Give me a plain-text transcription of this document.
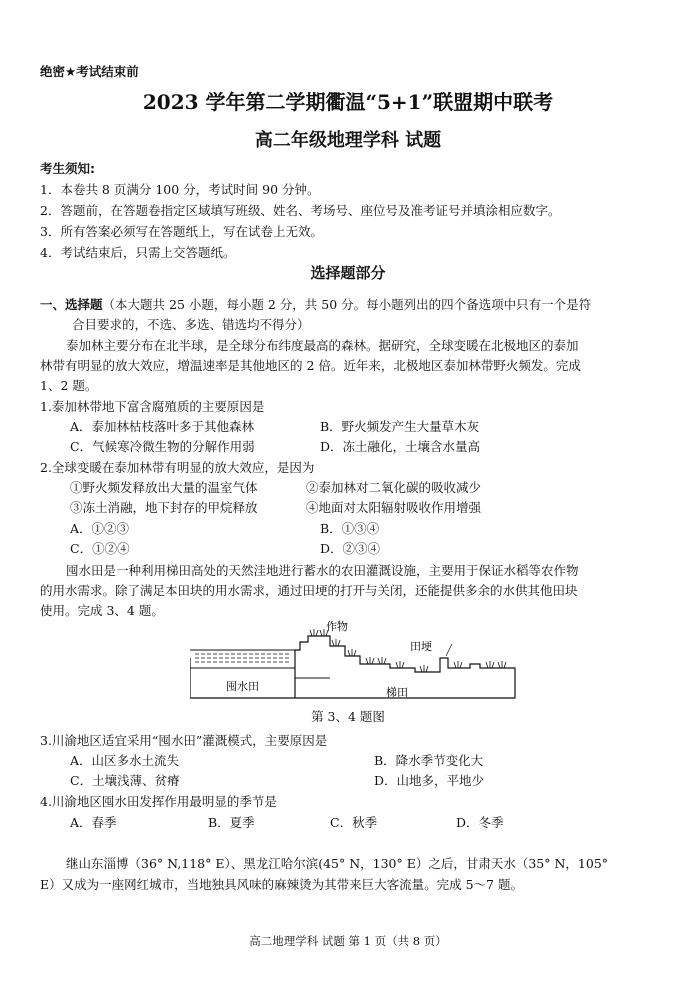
绝密★考试结束前
2023 学年第二学期衢温“5+1”联盟期中联考
高二年级地理学科 试题
考生须知:
1．本卷共 8 页满分 100 分，考试时间 90 分钟。
2．答题前，在答题卷指定区域填写班级、姓名、考场号、座位号及准考证号并填涂相应数字。
3．所有答案必须写在答题纸上，写在试卷上无效。
4．考试结束后，只需上交答题纸。
选择题部分
一、选择题（本大题共 25 小题，每小题 2 分，共 50 分。每小题列出的四个备选项中只有一个是符
合目要求的，不选、多选、错选均不得分）
泰加林主要分布在北半球，是全球分布纬度最高的森林。据研究，全球变暖在北极地区的泰加
林带有明显的放大效应，增温速率是其他地区的 2 倍。近年来，北极地区泰加林带野火频发。完成
1、2 题。
1.泰加林带地下富含腐殖质的主要原因是
A．泰加林枯枝落叶多于其他森林	B．野火频发产生大量草木灰
C．气候寒冷微生物的分解作用弱	D．冻土融化，土壤含水量高
2.全球变暖在泰加林带有明显的放大效应，是因为
①野火频发释放出大量的温室气体	②泰加林对二氧化碳的吸收减少
③冻土消融，地下封存的甲烷释放	④地面对太阳辐射吸收作用增强
A．①②③	B．①③④
C．①②④	D．②③④
囤水田是一种利用梯田高处的天然洼地进行蓄水的农田灌溉设施，主要用于保证水稻等农作物
的用水需求。除了满足本田块的用水需求，通过田埂的打开与关闭，还能提供多余的水供其他田块
使用。完成 3、4 题。
作物
田埂
囤水田	梯田
第 3、4 题图
3.川渝地区适宜采用“囤水田”灌溉模式，主要原因是
A．山区多水土流失	B．降水季节变化大
C．土壤浅薄、贫瘠	D．山地多，平地少
4.川渝地区囤水田发挥作用最明显的季节是
A．春季	B．夏季	C．秋季	D．冬季
继山东淄博（36° N,118° E）、黑龙江哈尔滨(45° N，130° E）之后，甘肃天水（35° N，105°
E）又成为一座网红城市，当地独具风味的麻辣烫为其带来巨大客流量。完成 5～7 题。
高二地理学科 试题 第 1 页（共 8 页）
